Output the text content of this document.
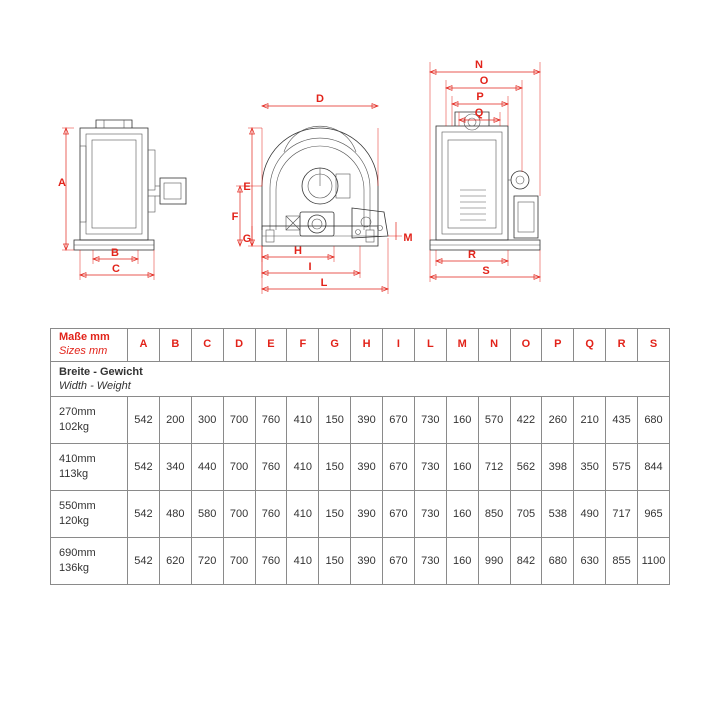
A
B
C
D
E
F
G	M
H
I
L
N
O
P
Q
R
S
Maße mm
Sizes mm	A	B	C	D	E	F	G	H	I	L	M	N	O	P	Q	R	S

Breite - Gewicht
Width - Weight																	

270mm
102kg	542	200	300	700	760	410	150	390	670	730	160	570	422	260	210	435	680

410mm
113kg	542	340	440	700	760	410	150	390	670	730	160	712	562	398	350	575	844

550mm
120kg	542	480	580	700	760	410	150	390	670	730	160	850	705	538	490	717	965

690mm
136kg	542	620	720	700	760	410	150	390	670	730	160	990	842	680	630	855	1100
